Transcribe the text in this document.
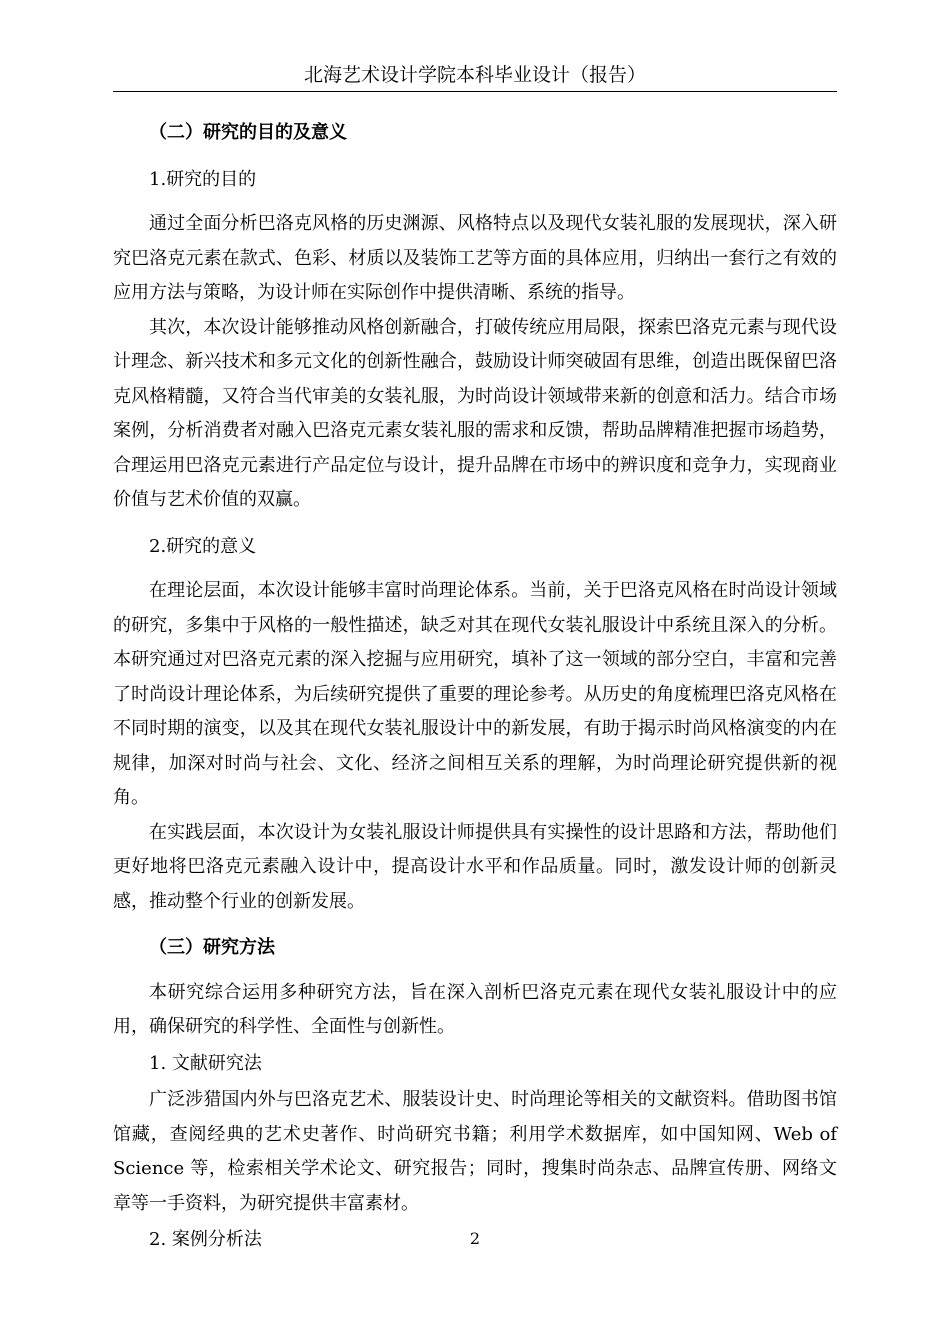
北海艺术设计学院本科毕业设计（报告）
（二）研究的目的及意义
1.研究的目的

通过全面分析巴洛克风格的历史渊源、风格特点以及现代女装礼服的发展现状，深入研究巴洛克元素在款式、色彩、材质以及装饰工艺等方面的具体应用，归纳出一套行之有效的应用方法与策略，为设计师在实际创作中提供清晰、系统的指导。

其次，本次设计能够推动风格创新融合，打破传统应用局限，探索巴洛克元素与现代设计理念、新兴技术和多元文化的创新性融合，鼓励设计师突破固有思维，创造出既保留巴洛克风格精髓，又符合当代审美的女装礼服，为时尚设计领域带来新的创意和活力。结合市场案例，分析消费者对融入巴洛克元素女装礼服的需求和反馈，帮助品牌精准把握市场趋势，合理运用巴洛克元素进行产品定位与设计，提升品牌在市场中的辨识度和竞争力，实现商业价值与艺术价值的双赢。

2.研究的意义

在理论层面，本次设计能够丰富时尚理论体系。当前，关于巴洛克风格在时尚设计领域的研究，多集中于风格的一般性描述，缺乏对其在现代女装礼服设计中系统且深入的分析。本研究通过对巴洛克元素的深入挖掘与应用研究，填补了这一领域的部分空白，丰富和完善了时尚设计理论体系，为后续研究提供了重要的理论参考。从历史的角度梳理巴洛克风格在不同时期的演变，以及其在现代女装礼服设计中的新发展，有助于揭示时尚风格演变的内在规律，加深对时尚与社会、文化、经济之间相互关系的理解，为时尚理论研究提供新的视角。

在实践层面，本次设计为女装礼服设计师提供具有实操性的设计思路和方法，帮助他们更好地将巴洛克元素融入设计中，提高设计水平和作品质量。同时，激发设计师的创新灵感，推动整个行业的创新发展。

（三）研究方法

本研究综合运用多种研究方法，旨在深入剖析巴洛克元素在现代女装礼服设计中的应用，确保研究的科学性、全面性与创新性。

1. 文献研究法

广泛涉猎国内外与巴洛克艺术、服装设计史、时尚理论等相关的文献资料。借助图书馆馆藏，查阅经典的艺术史著作、时尚研究书籍；利用学术数据库，如中国知网、Web of Science 等，检索相关学术论文、研究报告；同时，搜集时尚杂志、品牌宣传册、网络文章等一手资料，为研究提供丰富素材。

2. 案例分析法	2
